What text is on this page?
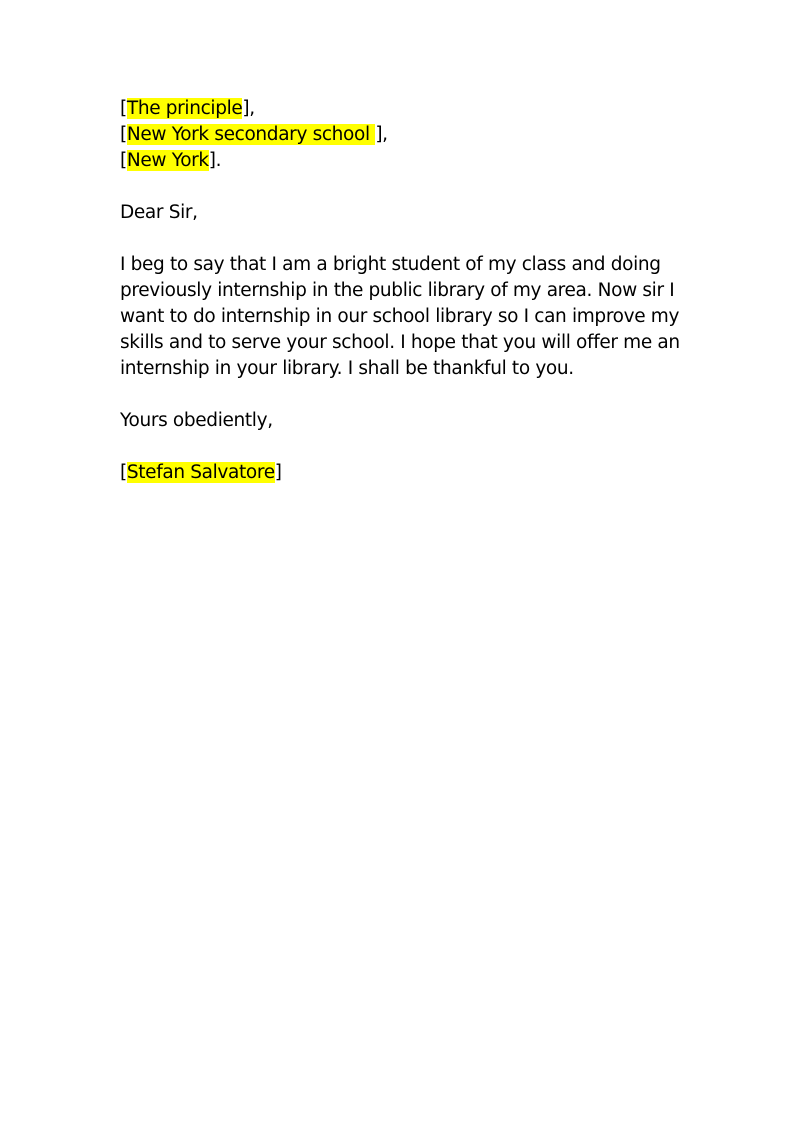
[The principle],
[New York secondary school ],
[New York].
Dear Sir,
I beg to say that I am a bright student of my class and doing
previously internship in the public library of my area. Now sir I
want to do internship in our school library so I can improve my
skills and to serve your school. I hope that you will offer me an
internship in your library. I shall be thankful to you.
Yours obediently,
[Stefan Salvatore]
